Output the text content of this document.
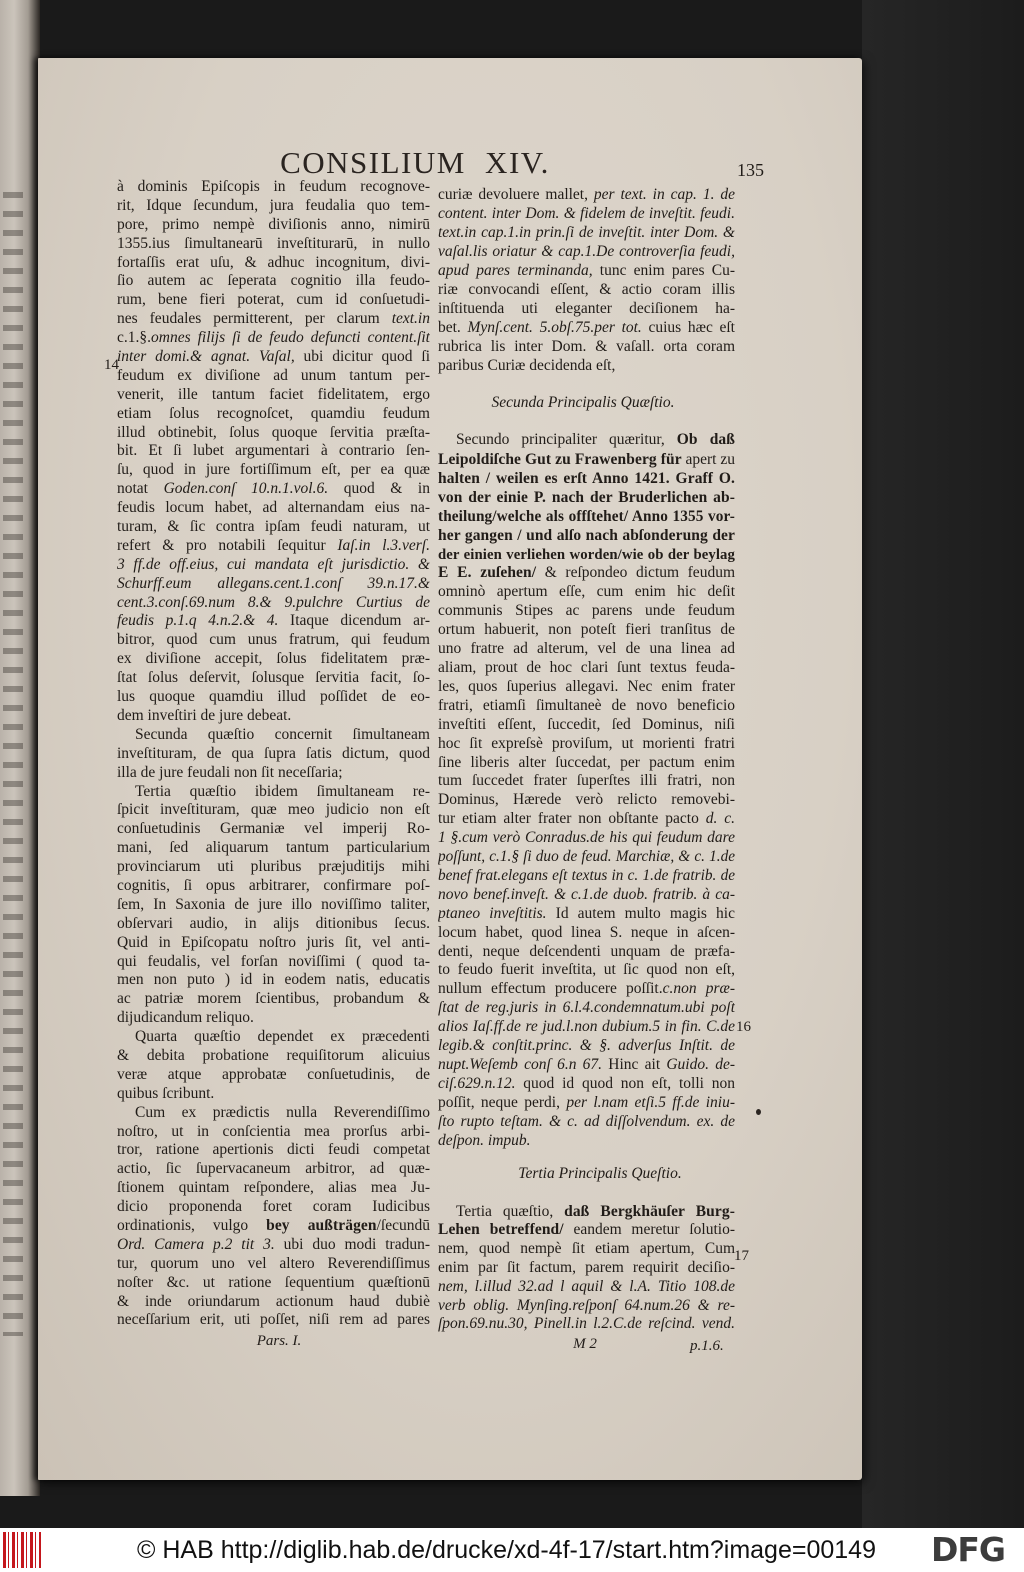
CONSILIUM XIV.	135
à dominis Epiſcopis in feudum recognove-
rit, Idque ſecundum, jura feudalia quo tem-
pore, primo nempè diviſionis anno, nimirū
1355.ius ſimultanearū inveſtiturarū, in nullo
fortaſſis erat uſu, & adhuc incognitum, divi-
ſio autem ac ſeperata cognitio illa feudo-
rum, bene fieri poterat, cum id conſuetudi-
nes feudales permitterent, per clarum text.in
c.1.§.omnes filijs ſi de feudo defuncti content.ſit
inter domi.& agnat. Vaſal, ubi dicitur quod ſi
feudum ex diviſione ad unum tantum per-
venerit, ille tantum faciet fidelitatem, ergo
etiam ſolus recognoſcet, quamdiu feudum
illud obtinebit, ſolus quoque ſervitia præſta-
bit. Et ſi lubet argumentari à contrario ſen-
ſu, quod in jure fortiſſimum eſt, per ea quæ
notat Goden.conſ 10.n.1.vol.6. quod & in
feudis locum habet, ad alternandam eius na-
turam, & ſic contra ipſam feudi naturam, ut
refert & pro notabili ſequitur Iaſ.in l.3.verſ.
3 ff.de off.eius, cui mandata eſt jurisdictio. &
Schurff.eum allegans.cent.1.conſ 39.n.17.&
cent.3.conſ.69.num 8.& 9.pulchre Curtius de
feudis p.1.q 4.n.2.& 4. Itaque dicendum ar-
bitror, quod cum unus fratrum, qui feudum
ex diviſione accepit, ſolus fidelitatem præ-
ſtat ſolus deſervit, ſolusque ſervitia facit, ſo-
lus quoque quamdiu illud poſſidet de eo-
dem inveſtiri de jure debeat.
Secunda quæſtio concernit ſimultaneam
inveſtituram, de qua ſupra ſatis dictum, quod
illa de jure feudali non ſit neceſſaria;
Tertia quæſtio ibidem ſimultaneam re-
ſpicit inveſtituram, quæ meo judicio non eſt
conſuetudinis Germaniæ vel imperij Ro-
mani, ſed aliquarum tantum particularium
provinciarum uti pluribus præjuditijs mihi
cognitis, ſi opus arbitrarer, confirmare poſ-
ſem, In Saxonia de jure illo noviſſimo taliter,
obſervari audio, in alijs ditionibus ſecus.
Quid in Epiſcopatu noſtro juris ſit, vel anti-
qui feudalis, vel forſan noviſſimi ( quod ta-
men non puto ) id in eodem natis, educatis
ac patriæ morem ſcientibus, probandum &
dijudicandum reliquo.
Quarta quæſtio dependet ex præcedenti
& debita probatione requiſitorum alicuius
veræ atque approbatæ conſuetudinis, de
quibus ſcribunt.
Cum ex prædictis nulla Reverendiſſimo
noſtro, ut in conſcientia mea prorſus arbi-
tror, ratione apertionis dicti feudi competat
actio, ſic ſupervacaneum arbitror, ad quæ-
ſtionem quintam reſpondere, alias mea Ju-
dicio proponenda foret coram Iudicibus
ordinationis, vulgo bey außträgen/ſecundū
Ord. Camera p.2 tit 3. ubi duo modi tradun-
tur, quorum uno vel altero Reverendiſſimus
noſter &c. ut ratione ſequentium quæſtionū
& inde oriundarum actionum haud dubiè
neceſſarium erit, uti poſſet, niſi rem ad pares
Pars. I.
curiæ devoluere mallet, per text. in cap. 1. de
content. inter Dom. & fidelem de inveſtit. feudi.
text.in cap.1.in prin.ſi de inveſtit. inter Dom. &
vaſal.lis oriatur & cap.1.De controverſia feudi,
apud pares terminanda, tunc enim pares Cu-
riæ convocandi eſſent, & actio coram illis
inſtituenda uti eleganter deciſionem ha-
bet. Mynſ.cent. 5.obſ.75.per tot. cuius hæc eſt
rubrica lis inter Dom. & vaſall. orta coram
paribus Curiæ decidenda eſt,
Secunda Principalis Quæſtio.
Secundo principaliter quæritur, Ob daß
Leipoldiſche Gut zu Frawenberg für apert zu
halten / weilen es erſt Anno 1421. Graff O.
von der einie P. nach der Bruderlichen ab-
theilung/welche als offſtehet/ Anno 1355 vor-
her gangen / und alſo nach abſonderung der
der einien verliehen worden/wie ob der beylag
E E. zuſehen/ & reſpondeo dictum feudum
omninò apertum eſſe, cum enim hic deſit
communis Stipes ac parens unde feudum
ortum habuerit, non poteſt fieri tranſitus de
uno fratre ad alterum, vel de una linea ad
aliam, prout de hoc clari ſunt textus feuda-
les, quos ſuperius allegavi. Nec enim frater
fratri, etiamſi ſimultaneè de novo beneficio
inveſtiti eſſent, ſuccedit, ſed Dominus, niſi
hoc ſit expreſsè proviſum, ut morienti fratri
ſine liberis alter ſuccedat, per pactum enim
tum ſuccedet frater ſuperſtes illi fratri, non
Dominus, Hærede verò relicto removebi-
tur etiam alter frater non obſtante pacto d. c.
1 §.cum verò Conradus.de his qui feudum dare
poſſunt, c.1.§ ſi duo de feud. Marchiæ, & c. 1.de
benef frat.elegans eſt textus in c. 1.de fratrib. de
novo benef.inveſt. & c.1.de duob. fratrib. à ca-
ptaneo inveſtitis. Id autem multo magis hic
locum habet, quod linea S. neque in aſcen-
denti, neque deſcendenti unquam de præfa-
to feudo fuerit inveſtita, ut ſic quod non eſt,
nullum effectum producere poſſit.c.non præ-
ſtat de reg.juris in 6.l.4.condemnatum.ubi poſt
alios Iaſ.ff.de re jud.l.non dubium.5 in fin. C.de
legib.& conſtit.princ. & §. adverſus Inſtit. de
nupt.Weſemb conſ 6.n 67. Hinc ait Guido. de-
ciſ.629.n.12. quod id quod non eſt, tolli non
poſſit, neque perdi, per l.nam etſi.5 ff.de iniu-
ſto rupto teſtam. & c. ad diſſolvendum. ex. de
deſpon. impub.
Tertia Principalis Queſtio.
Tertia quæſtio, daß Bergkhäuſer Burg-
Lehen betreffend/ eandem meretur ſolutio-
nem, quod nempè ſit etiam apertum, Cum
enim par ſit factum, parem requirit deciſio-
nem, l.illud 32.ad l aquil & l.A. Titio 108.de
verb oblig. Mynſing.reſponſ 64.num.26 & re-
ſpon.69.nu.30, Pinell.in l.2.C.de reſcind. vend.
M 2	p.1.6.
14
16
17
© HAB http://diglib.hab.de/drucke/xd-4f-17/start.htm?image=00149	DFG
